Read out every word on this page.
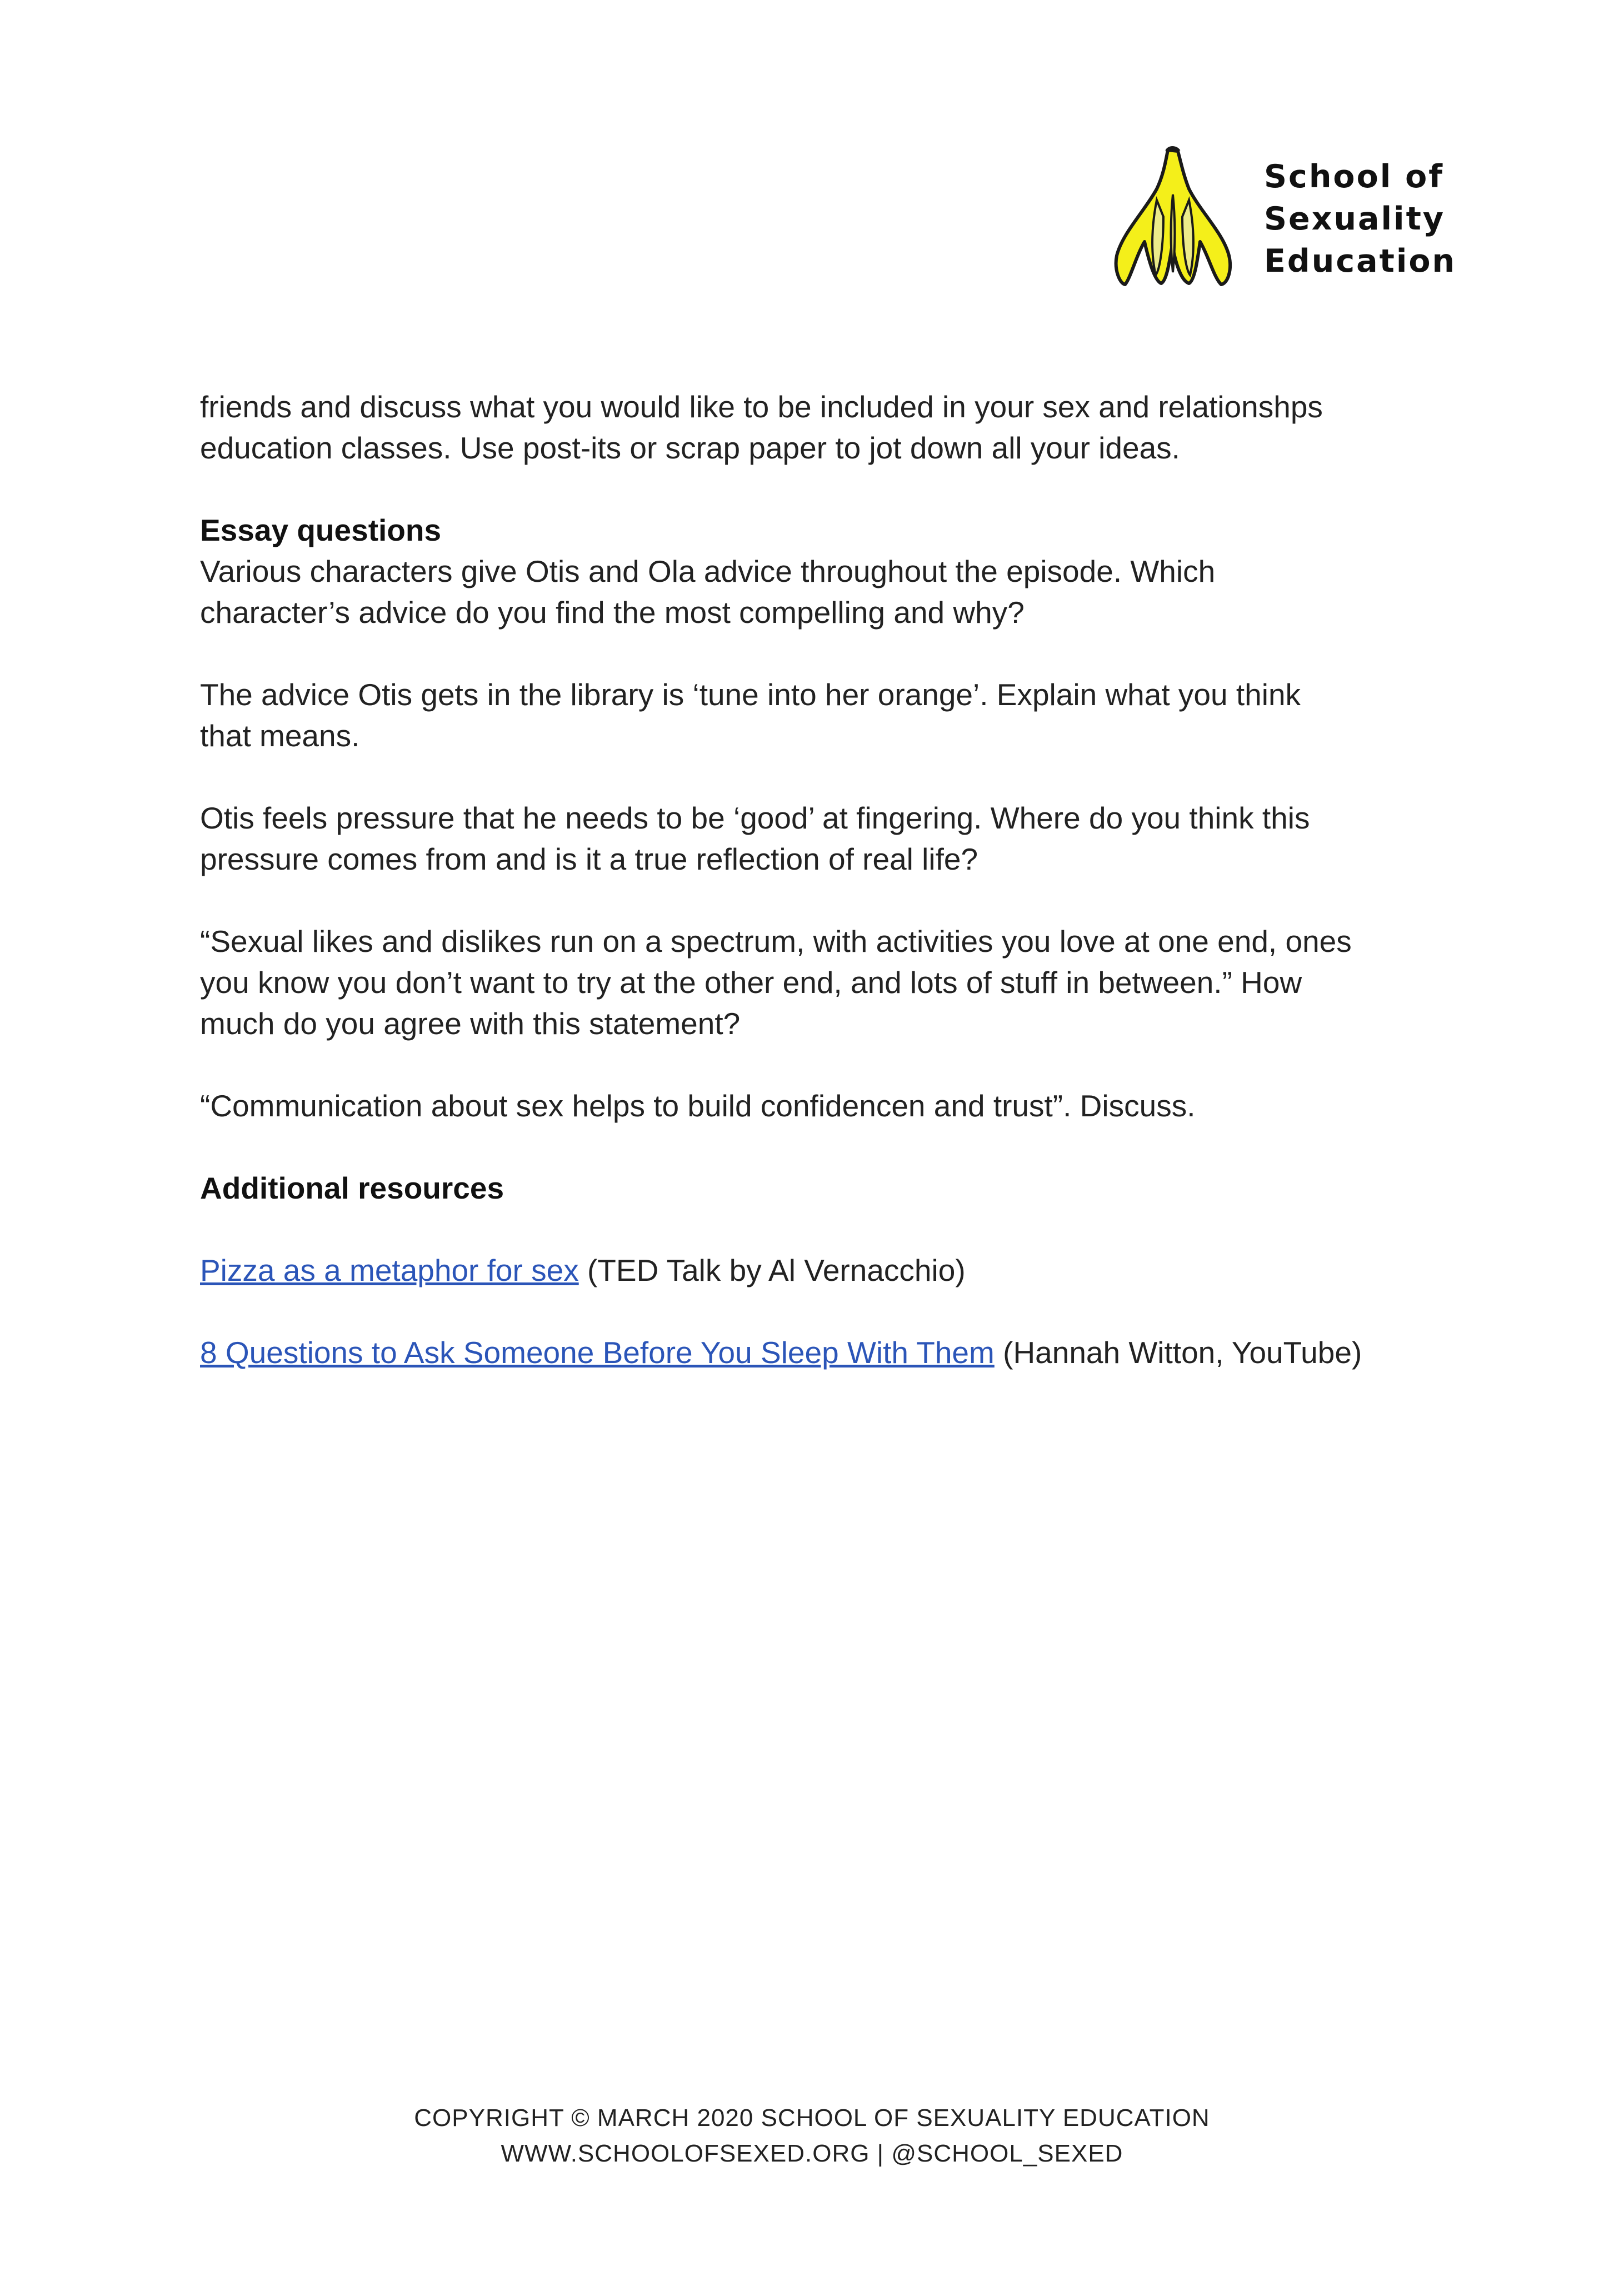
School of
Sexuality
Education

friends and discuss what you would like to be included in your sex and relationshps

education classes. Use post-its or scrap paper to jot down all your ideas.

Essay questions

Various characters give Otis and Ola advice throughout the episode. Which

character’s advice do you find the most compelling and why?

The advice Otis gets in the library is ‘tune into her orange’. Explain what you think

that means.

Otis feels pressure that he needs to be ‘good’ at fingering. Where do you think this

pressure comes from and is it a true reflection of real life?

“Sexual likes and dislikes run on a spectrum, with activities you love at one end, ones

you know you don’t want to try at the other end, and lots of stuff in between.” How

much do you agree with this statement?

“Communication about sex helps to build confidencen and trust”. Discuss.

Additional resources

Pizza as a metaphor for sex (TED Talk by Al Vernacchio)

8 Questions to Ask Someone Before You Sleep With Them (Hannah Witton, YouTube)

COPYRIGHT © MARCH 2020 SCHOOL OF SEXUALITY EDUCATION
WWW.SCHOOLOFSEXED.ORG | @SCHOOL_SEXED
